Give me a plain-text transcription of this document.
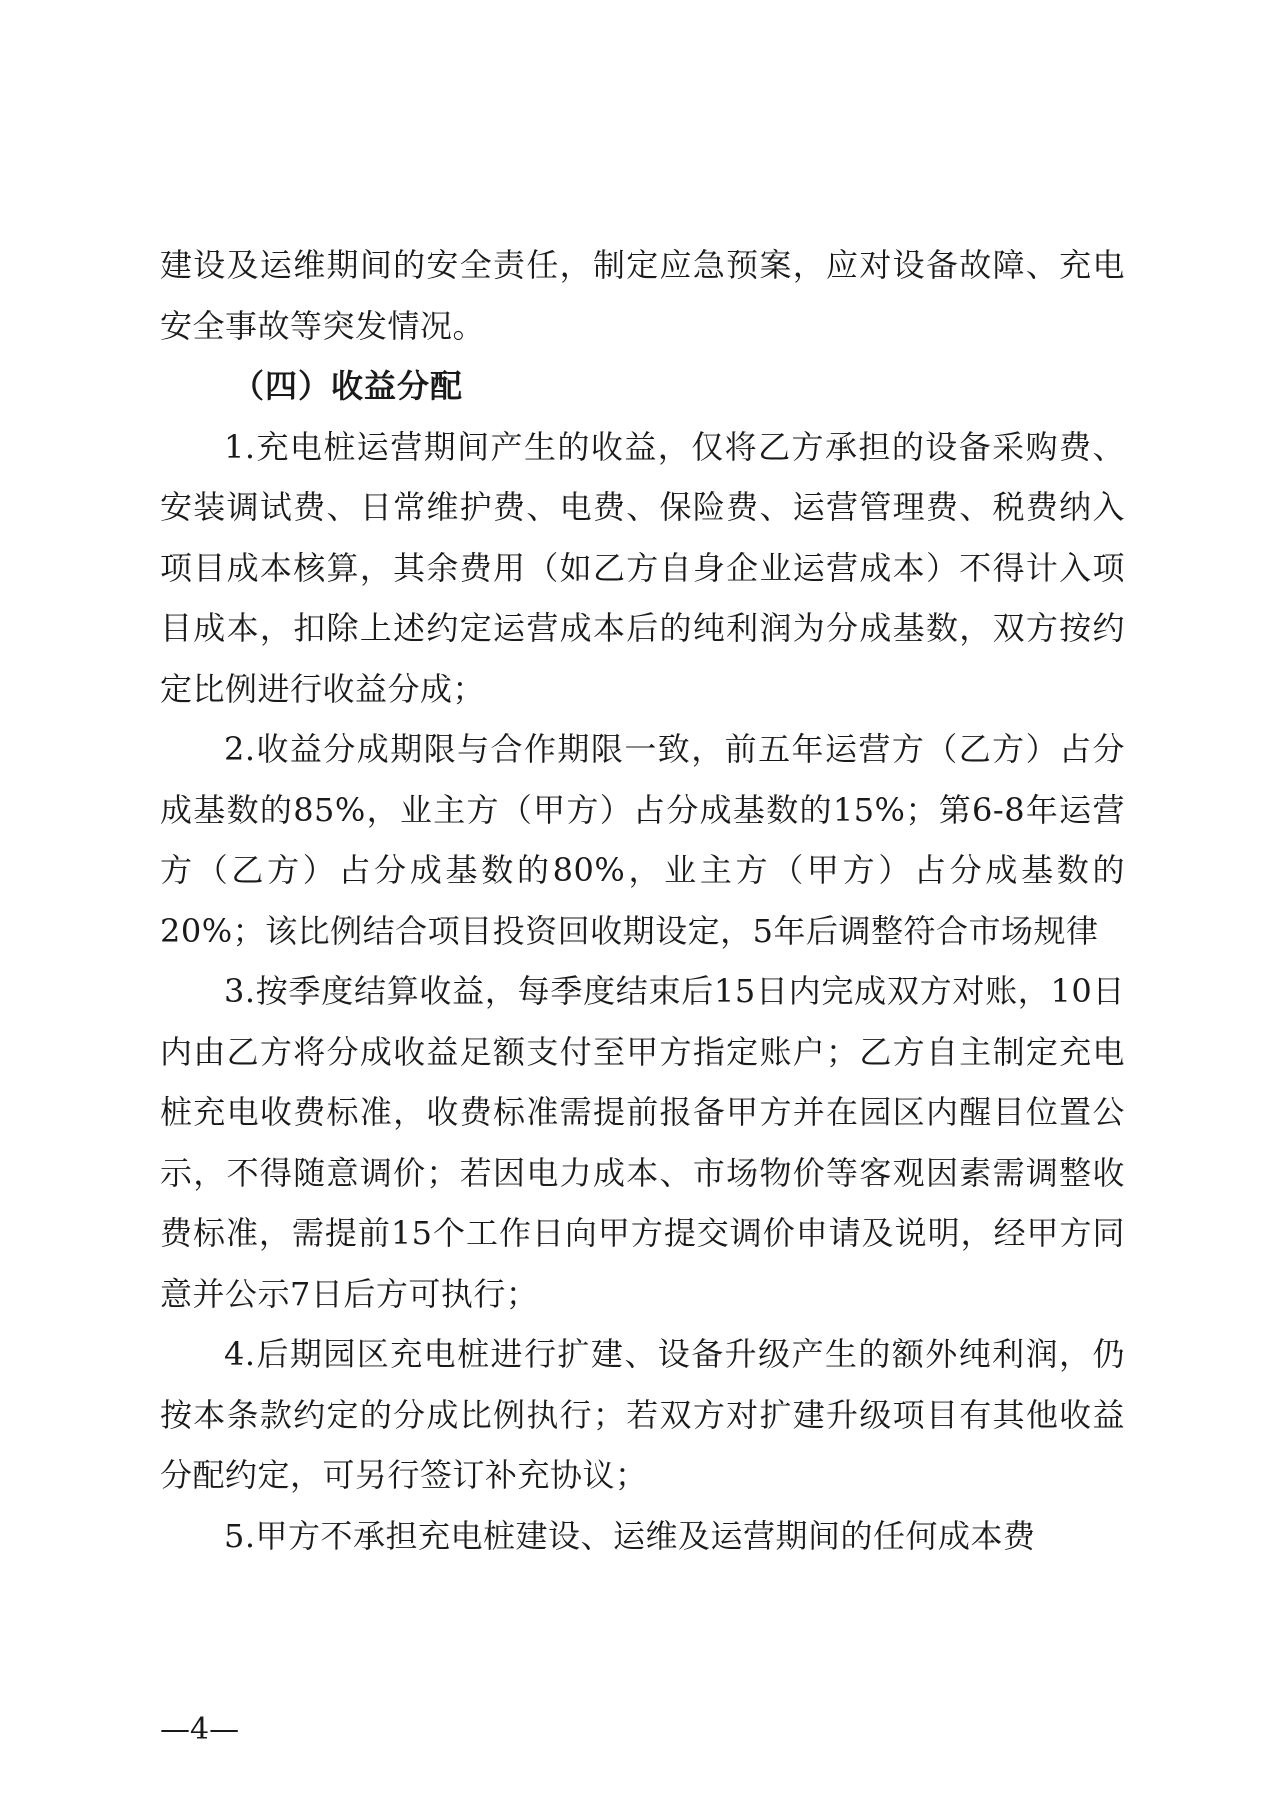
建设及运维期间的安全责任，制定应急预案，应对设备故障、充电安全事故等突发情况。

（四）收益分配

1.充电桩运营期间产生的收益，仅将乙方承担的设备采购费、安装调试费、日常维护费、电费、保险费、运营管理费、税费纳入项目成本核算，其余费用（如乙方自身企业运营成本）不得计入项目成本，扣除上述约定运营成本后的纯利润为分成基数，双方按约定比例进行收益分成；

2.收益分成期限与合作期限一致，前五年运营方（乙方）占分成基数的85%，业主方（甲方）占分成基数的15%；第6-8年运营方（乙方）占分成基数的80%，业主方（甲方）占分成基数的20%；该比例结合项目投资回收期设定，5年后调整符合市场规律

3.按季度结算收益，每季度结束后15日内完成双方对账，10日内由乙方将分成收益足额支付至甲方指定账户；乙方自主制定充电桩充电收费标准，收费标准需提前报备甲方并在园区内醒目位置公示，不得随意调价；若因电力成本、市场物价等客观因素需调整收费标准，需提前15个工作日向甲方提交调价申请及说明，经甲方同意并公示7日后方可执行；

4.后期园区充电桩进行扩建、设备升级产生的额外纯利润，仍按本条款约定的分成比例执行；若双方对扩建升级项目有其他收益分配约定，可另行签订补充协议；

5.甲方不承担充电桩建设、运维及运营期间的任何成本费

—4—
